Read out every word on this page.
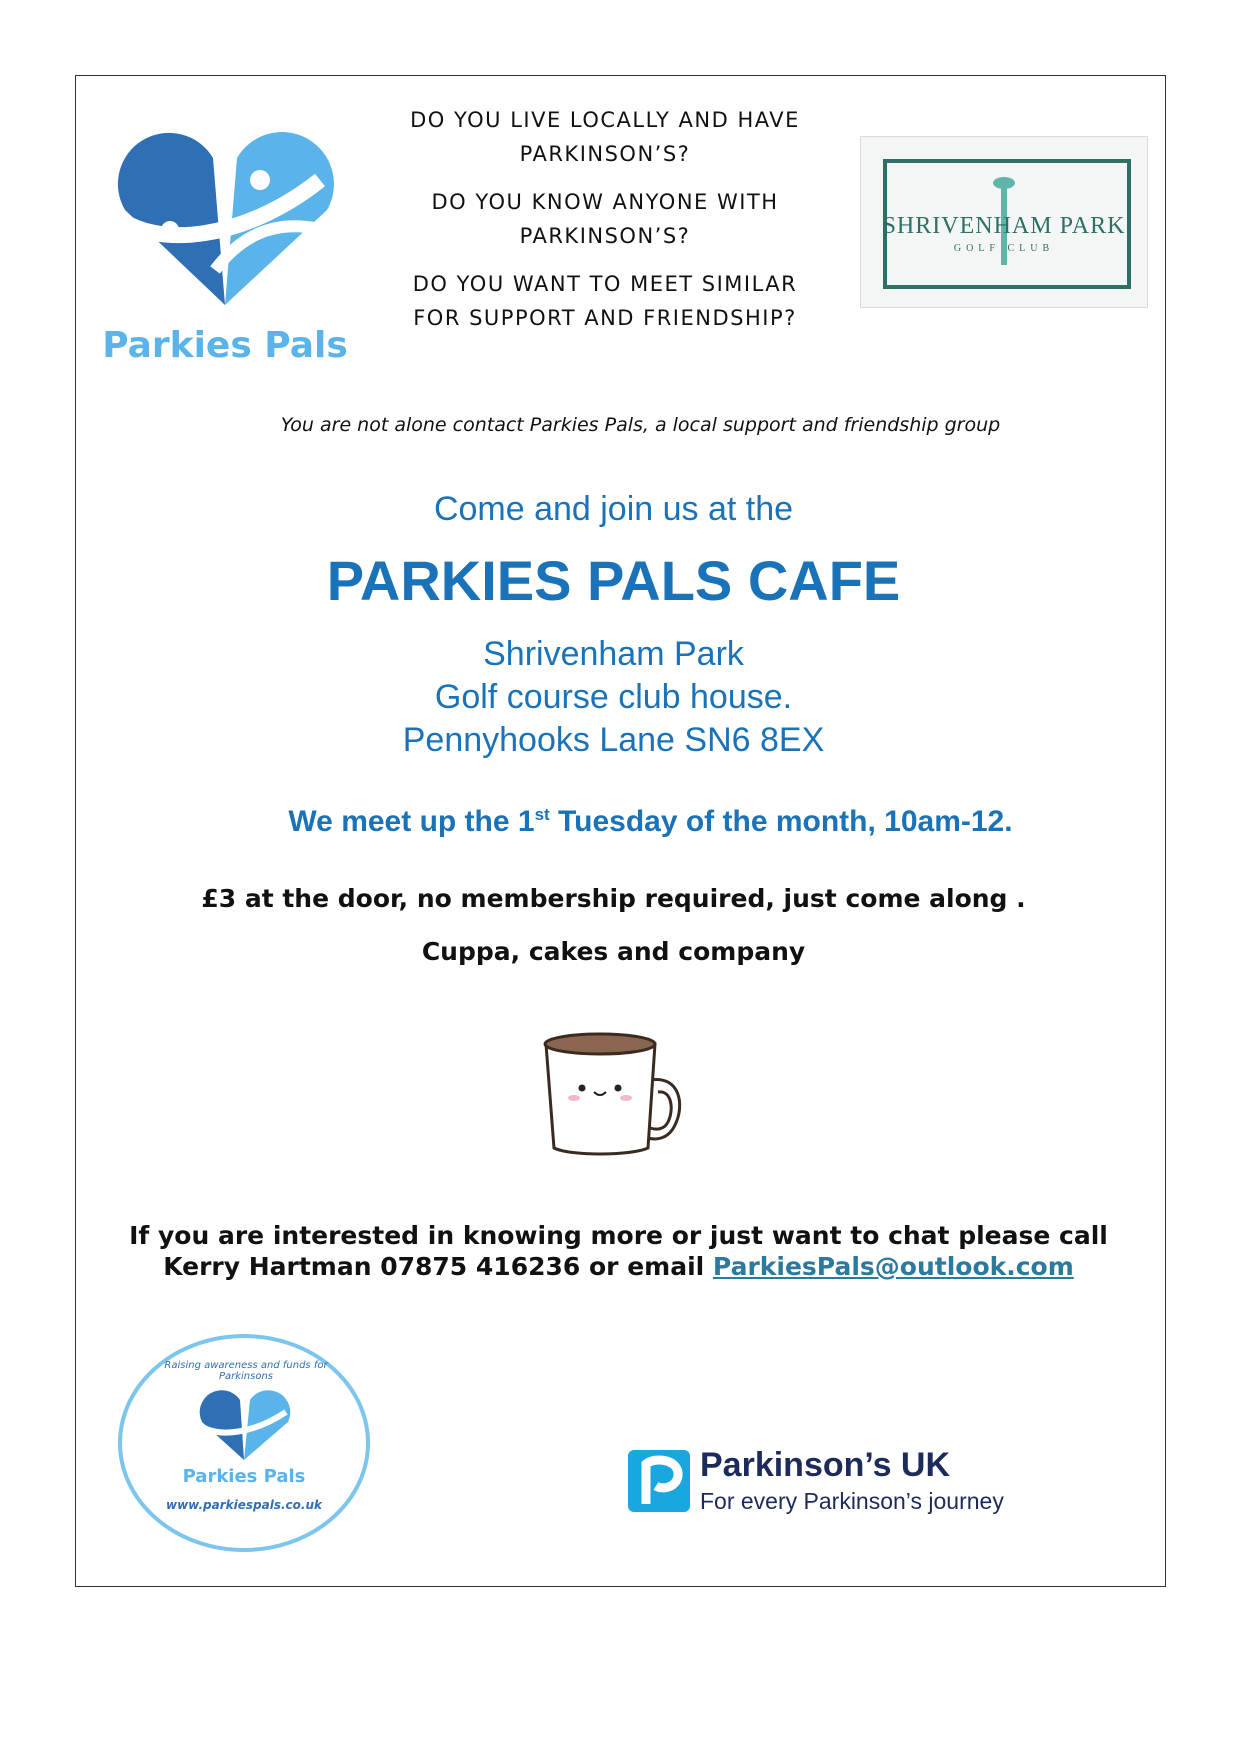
Parkies Pals
DO YOU LIVE LOCALLY AND HAVE
PARKINSON’S?
DO YOU KNOW ANYONE WITH
PARKINSON’S?
DO YOU WANT TO MEET SIMILAR
FOR SUPPORT AND FRIENDSHIP?
SHRIVENHAM PARK
GOLF CLUB
You are not alone contact Parkies Pals, a local support and friendship group
Come and join us at the
PARKIES PALS CAFE
Shrivenham Park
Golf course club house.
Pennyhooks Lane SN6 8EX
We meet up the 1st Tuesday of the month, 10am-12.
£3 at the door, no membership required, just come along .
Cuppa, cakes and company
If you are interested in knowing more or just want to chat please call
Kerry Hartman 07875 416236 or email ParkiesPals@outlook.com
Raising awareness and funds for Parkinsons
Parkies Pals
www.parkiespals.co.uk
Parkinson’s UK
For every Parkinson’s journey
